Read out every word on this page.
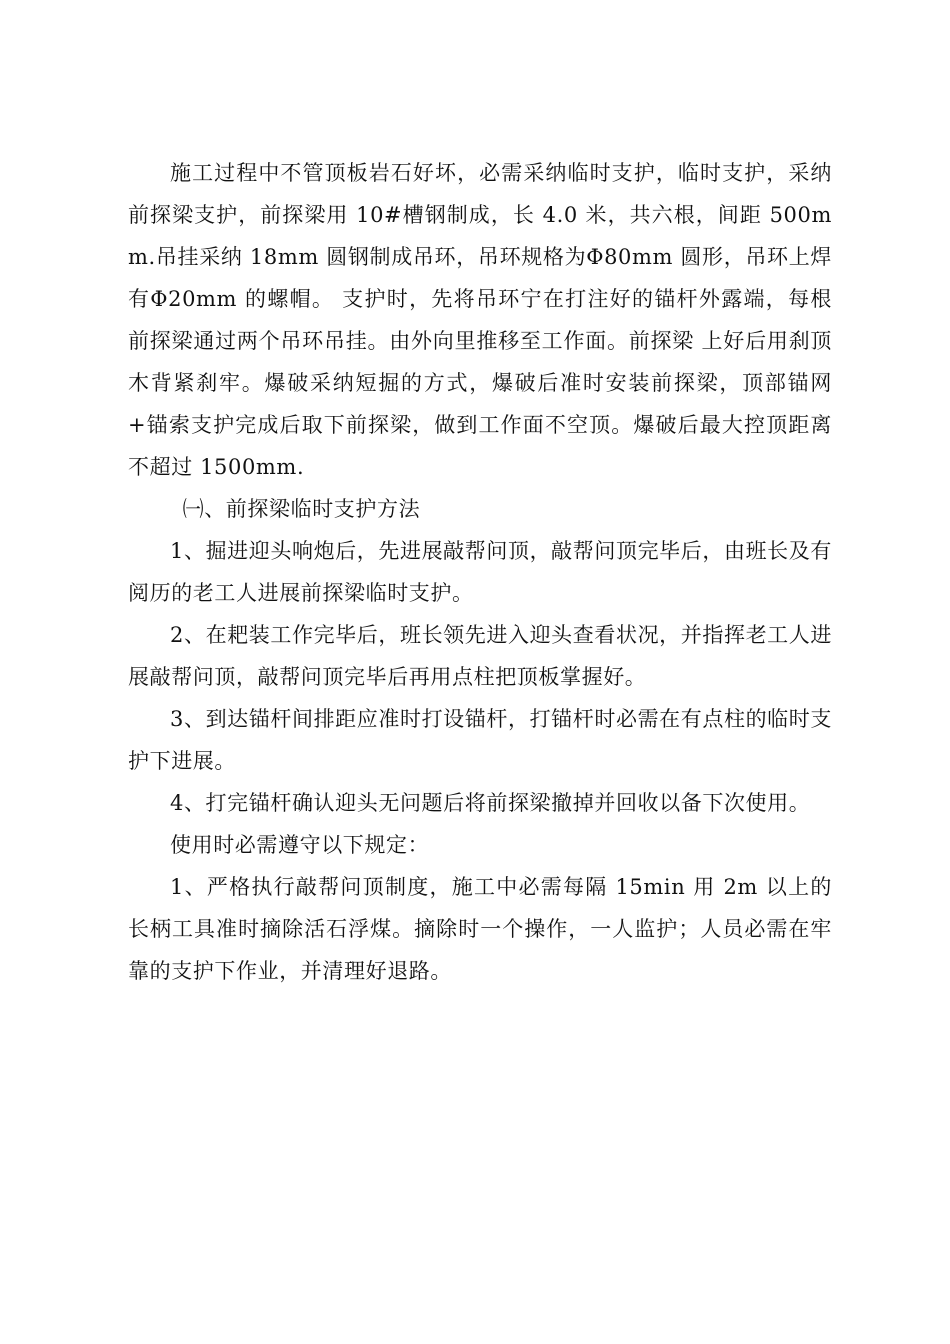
施工过程中不管顶板岩石好坏，必需采纳临时支护，临时支护，采纳前探梁支护，前探梁用 10#槽钢制成，长 4.0 米，共六根，间距 500mm.吊挂采纳 18mm 圆钢制成吊环，吊环规格为Φ80mm 圆形，吊环上焊有Φ20mm 的螺帽。 支护时，先将吊环宁在打注好的锚杆外露端，每根前探梁通过两个吊环吊挂。由外向里推移至工作面。前探梁 上好后用刹顶木背紧刹牢。爆破采纳短掘的方式，爆破后准时安装前探梁，顶部锚网+锚索支护完成后取下前探梁，做到工作面不空顶。爆破后最大控顶距离不超过 1500mm.

㈠、前探梁临时支护方法

1、掘进迎头响炮后，先进展敲帮问顶，敲帮问顶完毕后，由班长及有阅历的老工人进展前探梁临时支护。

2、在耙装工作完毕后，班长领先进入迎头查看状况，并指挥老工人进展敲帮问顶，敲帮问顶完毕后再用点柱把顶板掌握好。

3、到达锚杆间排距应准时打设锚杆，打锚杆时必需在有点柱的临时支护下进展。

4、打完锚杆确认迎头无问题后将前探梁撤掉并回收以备下次使用。

使用时必需遵守以下规定：

1、严格执行敲帮问顶制度，施工中必需每隔 15min 用 2m 以上的长柄工具准时摘除活石浮煤。摘除时一个操作，一人监护；人员必需在牢靠的支护下作业，并清理好退路。
